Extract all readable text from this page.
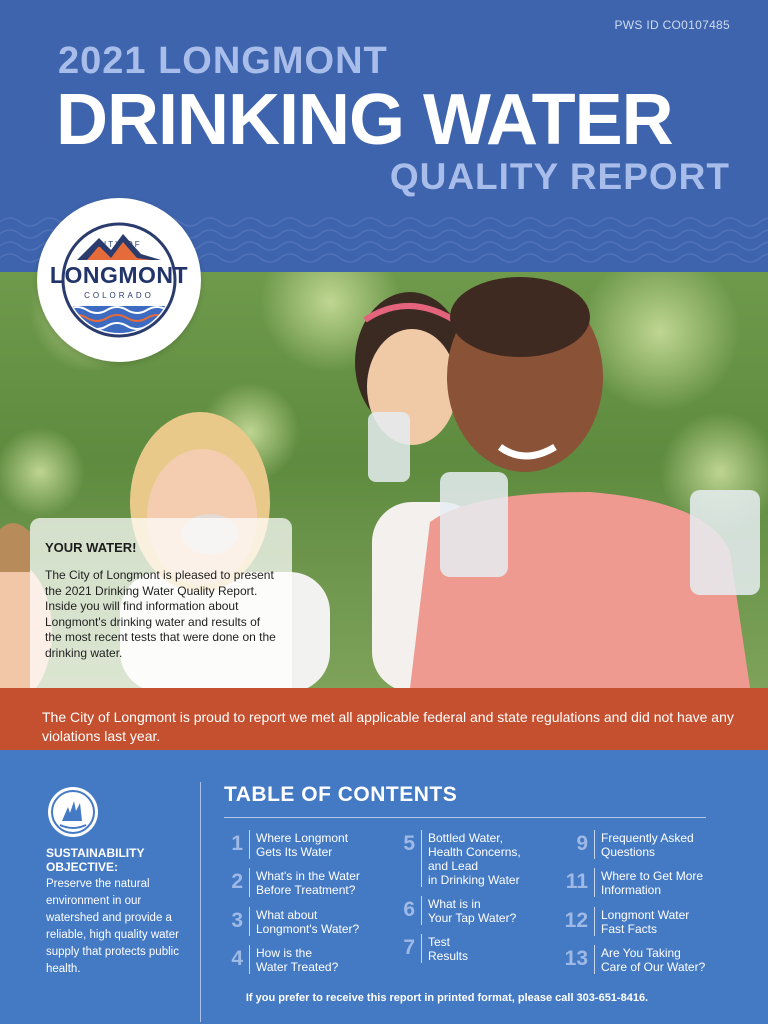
PWS ID CO0107485
2021 LONGMONT
DRINKING WATER
QUALITY REPORT
CITY OF
LONGMONT
COLORADO
YOUR WATER!

The City of Longmont is pleased to present the 2021 Drinking Water Quality Report. Inside you will find information about Longmont's drinking water and results of the most recent tests that were done on the drinking water.

The City of Longmont is proud to report we met all applicable federal and state regulations and did not have any violations last year.

SUSTAINABILITY OBJECTIVE:
Preserve the natural environment in our watershed and provide a reliable, high quality water supply that protects public health.
TABLE OF CONTENTS
1	Where Longmont
Gets Its Water
2	What's in the Water
Before Treatment?
3	What about
Longmont's Water?
4	How is the
Water Treated?
5	Bottled Water,
Health Concerns,
and Lead
in Drinking Water
6	What is in
Your Tap Water?
7	Test
Results
9	Frequently Asked
Questions
11	Where to Get More
Information
12	Longmont Water
Fast Facts
13	Are You Taking
Care of Our Water?
If you prefer to receive this report in printed format, please call 303-651-8416.
